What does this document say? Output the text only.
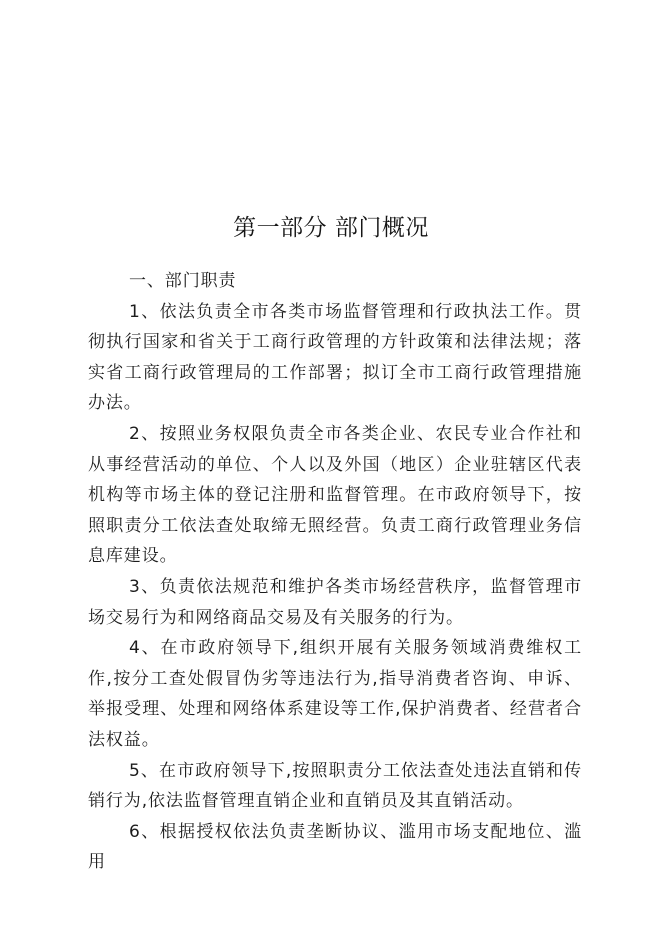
第一部分 部门概况

一、部门职责

1、依法负责全市各类市场监督管理和行政执法工作。贯彻执行国家和省关于工商行政管理的方针政策和法律法规；落实省工商行政管理局的工作部署；拟订全市工商行政管理措施办法。

2、按照业务权限负责全市各类企业、农民专业合作社和从事经营活动的单位、个人以及外国（地区）企业驻辖区代表机构等市场主体的登记注册和监督管理。在市政府领导下，按照职责分工依法查处取缔无照经营。负责工商行政管理业务信息库建设。

3、负责依法规范和维护各类市场经营秩序，监督管理市场交易行为和网络商品交易及有关服务的行为。

4、在市政府领导下,组织开展有关服务领域消费维权工作,按分工查处假冒伪劣等违法行为,指导消费者咨询、申诉、举报受理、处理和网络体系建设等工作,保护消费者、经营者合法权益。

5、在市政府领导下,按照职责分工依法查处违法直销和传销行为,依法监督管理直销企业和直销员及其直销活动。

6、根据授权依法负责垄断协议、滥用市场支配地位、滥用
